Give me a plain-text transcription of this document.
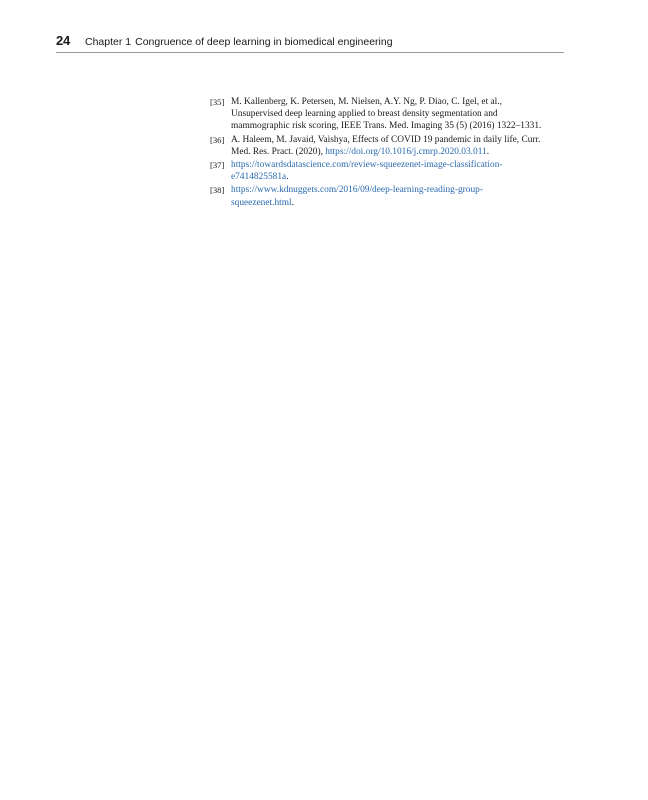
24 Chapter 1 Congruence of deep learning in biomedical engineering
[35] M. Kallenberg, K. Petersen, M. Nielsen, A.Y. Ng, P. Diao, C. Igel, et al., Unsupervised deep learning applied to breast density segmentation and mammographic risk scoring, IEEE Trans. Med. Imaging 35 (5) (2016) 1322–1331.
[36] A. Haleem, M. Javaid, Vaishya, Effects of COVID 19 pandemic in daily life, Curr. Med. Res. Pract. (2020), https://doi.org/10.1016/j.cmrp.2020.03.011.
[37] https://towardsdatascience.com/review-squeezenet-image-classification-
e7414825581a.
[38] https://www.kdnuggets.com/2016/09/deep-learning-reading-group-
squeezenet.html.
